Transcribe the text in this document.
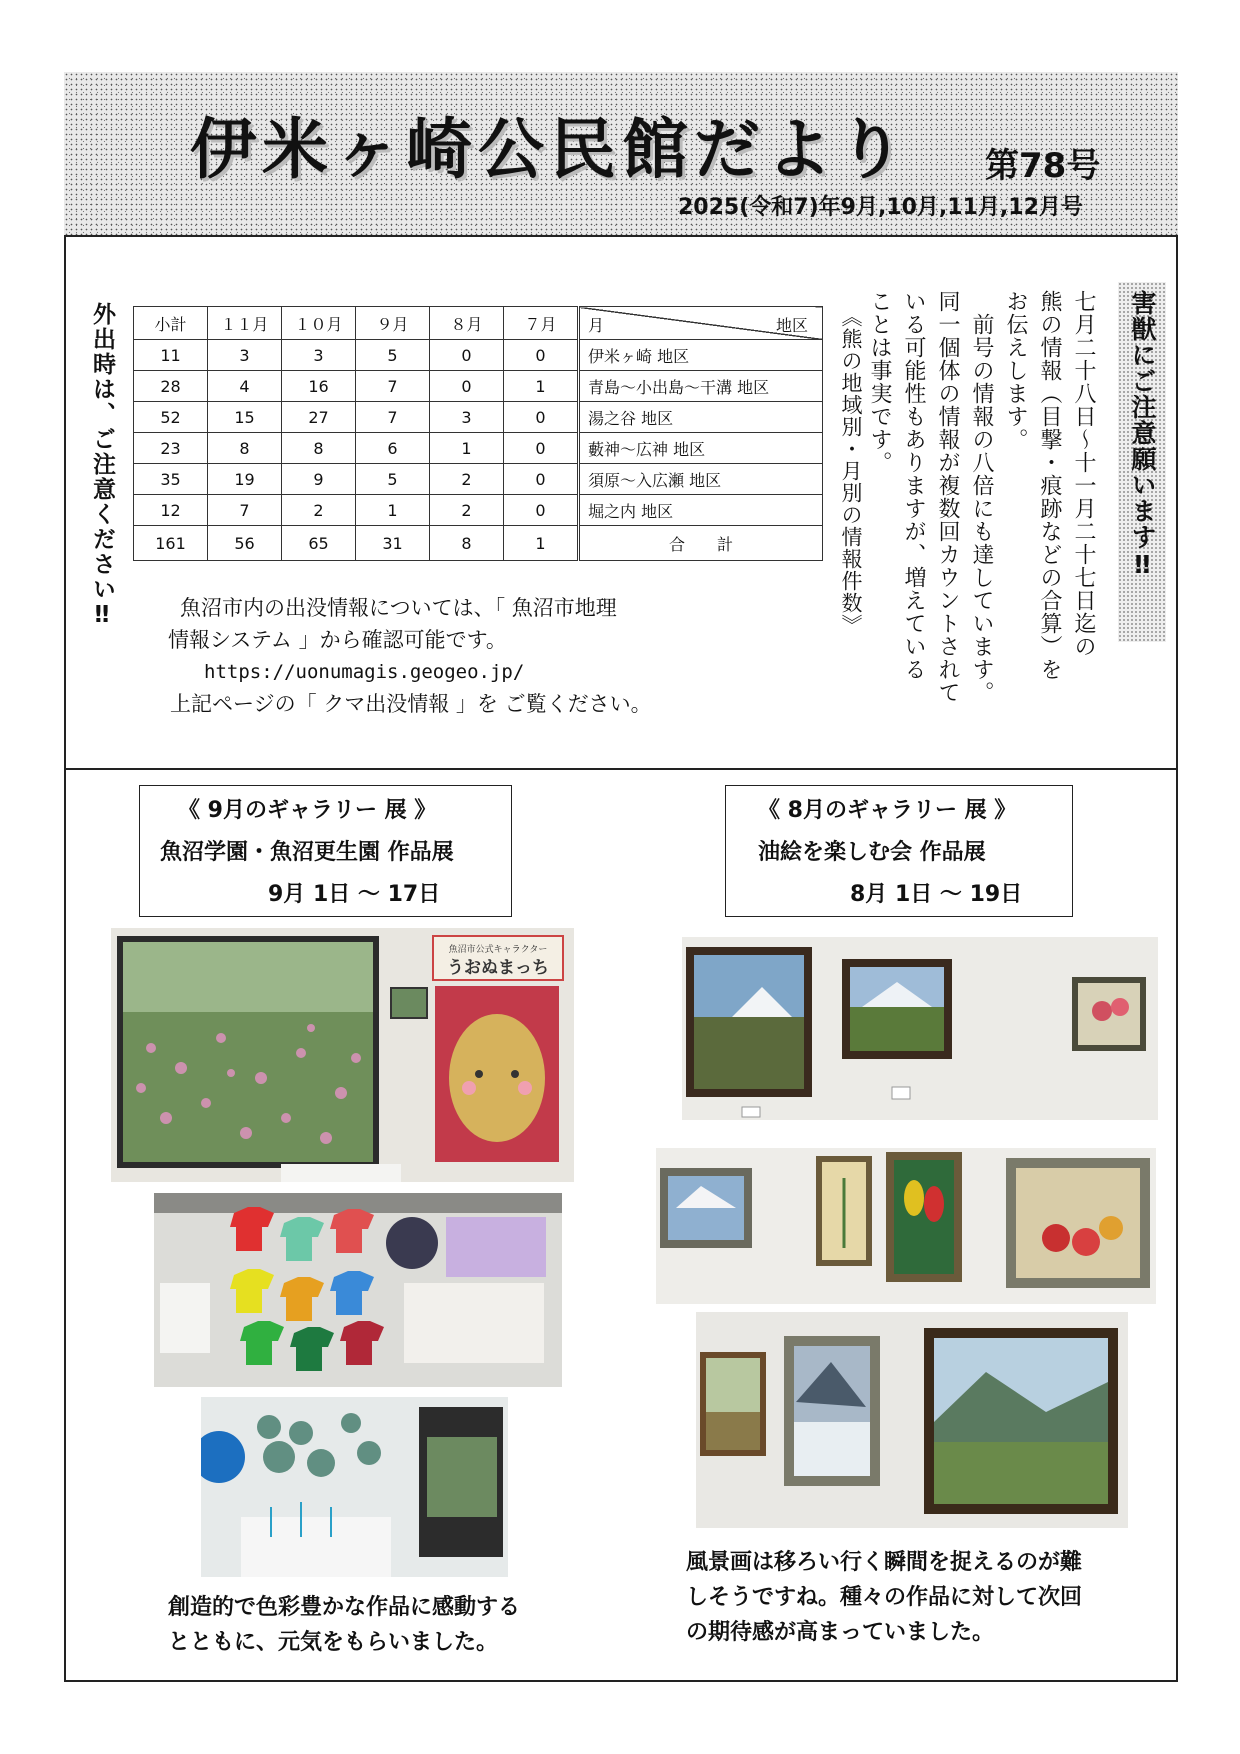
伊米ヶ崎公民館だより 第78号
2025(令和7)年9月,10月,11月,12月号
外出時は、ご注意ください‼	害獣にご注意願います‼
七月二十八日～十一月二十七日迄の
熊の情報（目撃・痕跡などの合算）を
お伝えします。
　前号の情報の八倍にも達しています。
同一個体の情報が複数回カウントされて
いる可能性もありますが、増えている
ことは事実です。
《熊の地域別・月別の情報件数》
小計	１１月	１０月	９月	８月	７月	月 地区

11	3	3	5	0	0	伊米ヶ崎 地区
28	4	16	7	0	1	青島～小出島～干溝 地区
52	15	27	7	3	0	湯之谷 地区
23	8	8	6	1	0	藪神～広神 地区
35	19	9	5	2	0	須原～入広瀬 地区
12	7	2	1	2	0	堀之内 地区
161	56	65	31	8	1	合　　計
魚沼市内の出没情報については、「 魚沼市地理
情報システム 」から確認可能です。
https://uonumagis.geogeo.jp/
上記ページの「 クマ出没情報 」を ご覧ください。
《 9月のギャラリー 展 》
魚沼学園・魚沼更生園 作品展
9月 1日 ～ 17日
《 8月のギャラリー 展 》
油絵を楽しむ会 作品展
8月 1日 ～ 19日
魚沼市公式キャラクター
うおぬまっち
創造的で色彩豊かな作品に感動する
とともに、元気をもらいました。
風景画は移ろい行く瞬間を捉えるのが難
しそうですね。種々の作品に対して次回
の期待感が高まっていました。
